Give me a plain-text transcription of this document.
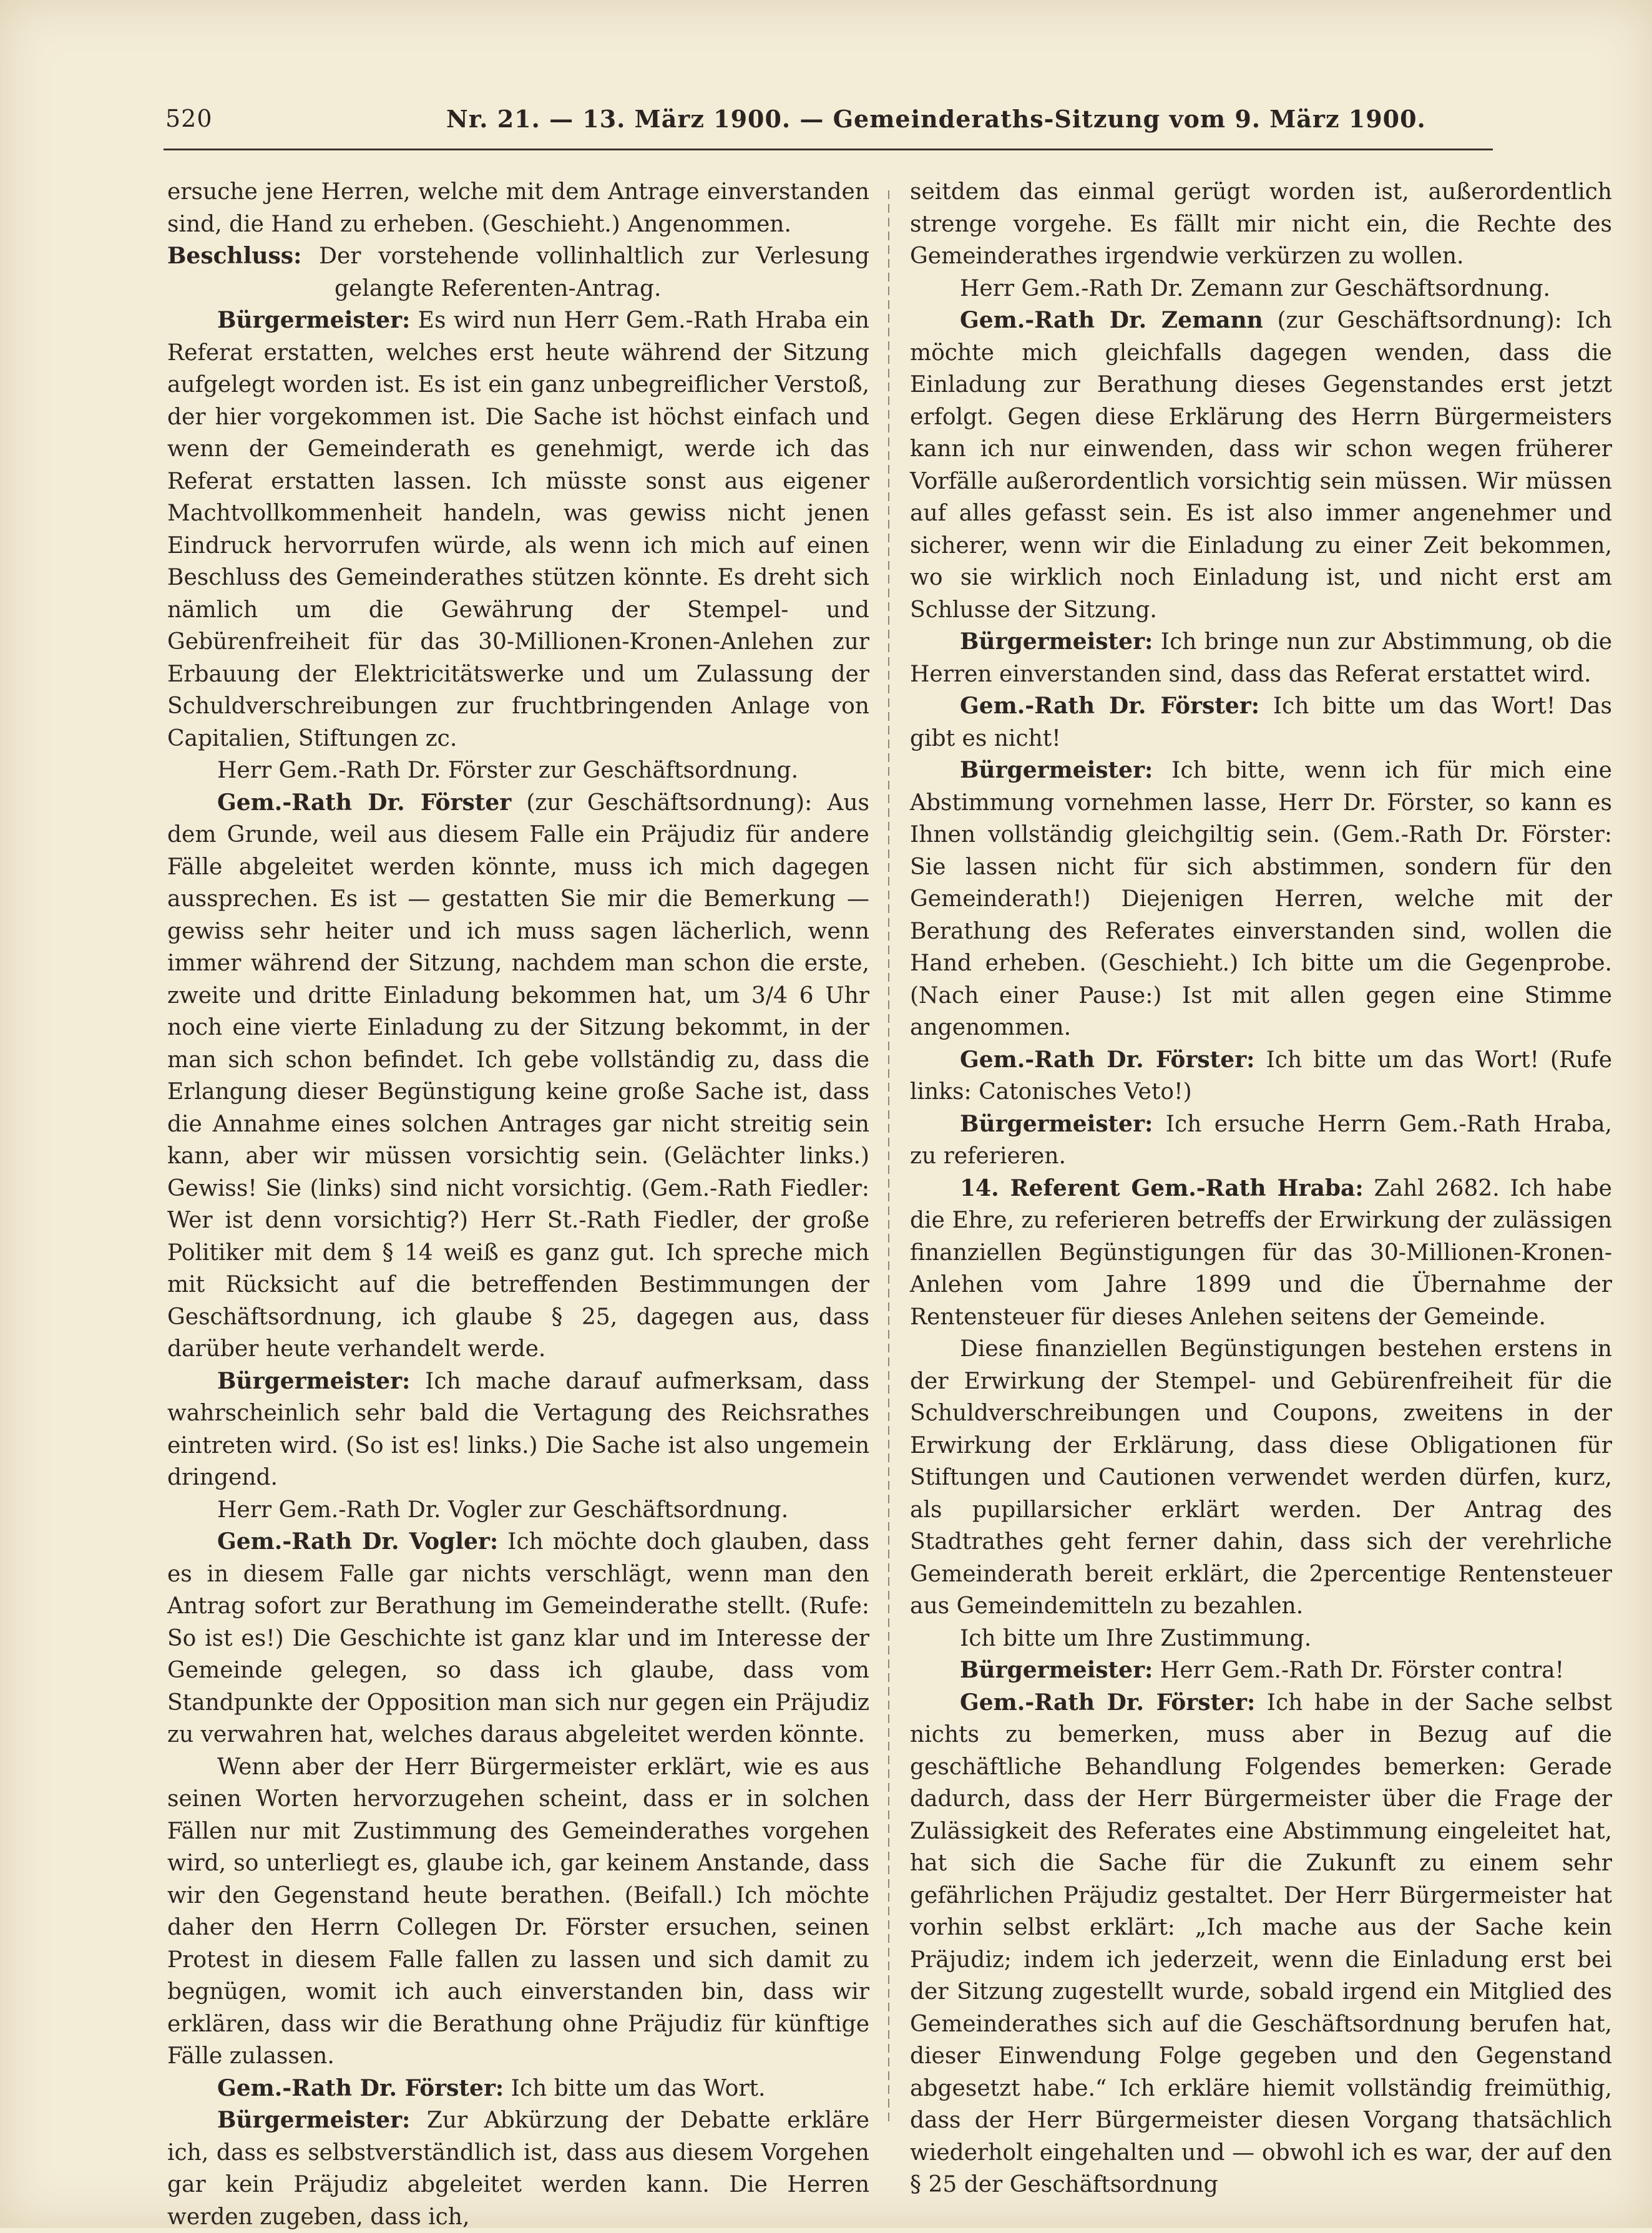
520	Nr. 21. — 13. März 1900. — Gemeinderaths-Sitzung vom 9. März 1900.

ersuche jene Herren, welche mit dem Antrage einverstanden sind, die Hand zu erheben. (Geschieht.) Angenommen.

Beschluss: Der vorstehende vollinhaltlich zur Verlesung gelangte Referenten-Antrag.

Bürgermeister: Es wird nun Herr Gem.-Rath Hraba ein Referat erstatten, welches erst heute während der Sitzung aufgelegt worden ist. Es ist ein ganz unbegreiflicher Verstoß, der hier vorgekommen ist. Die Sache ist höchst einfach und wenn der Gemeinderath es genehmigt, werde ich das Referat erstatten lassen. Ich müsste sonst aus eigener Machtvollkommenheit handeln, was gewiss nicht jenen Eindruck hervorrufen würde, als wenn ich mich auf einen Beschluss des Gemeinderathes stützen könnte. Es dreht sich nämlich um die Gewährung der Stempel- und Gebürenfreiheit für das 30-Millionen-Kronen-Anlehen zur Erbauung der Elektricitätswerke und um Zulassung der Schuldverschreibungen zur fruchtbringenden Anlage von Capitalien, Stiftungen zc.

Herr Gem.-Rath Dr. Förster zur Geschäftsordnung.

Gem.-Rath Dr. Förster (zur Geschäftsordnung): Aus dem Grunde, weil aus diesem Falle ein Präjudiz für andere Fälle abgeleitet werden könnte, muss ich mich dagegen aussprechen. Es ist — gestatten Sie mir die Bemerkung — gewiss sehr heiter und ich muss sagen lächerlich, wenn immer während der Sitzung, nachdem man schon die erste, zweite und dritte Einladung bekommen hat, um 3/4 6 Uhr noch eine vierte Einladung zu der Sitzung bekommt, in der man sich schon befindet. Ich gebe vollständig zu, dass die Erlangung dieser Begünstigung keine große Sache ist, dass die Annahme eines solchen Antrages gar nicht streitig sein kann, aber wir müssen vorsichtig sein. (Gelächter links.) Gewiss! Sie (links) sind nicht vorsichtig. (Gem.-Rath Fiedler: Wer ist denn vorsichtig?) Herr St.-Rath Fiedler, der große Politiker mit dem § 14 weiß es ganz gut. Ich spreche mich mit Rücksicht auf die betreffenden Bestimmungen der Geschäftsordnung, ich glaube § 25, dagegen aus, dass darüber heute verhandelt werde.

Bürgermeister: Ich mache darauf aufmerksam, dass wahrscheinlich sehr bald die Vertagung des Reichsrathes eintreten wird. (So ist es! links.) Die Sache ist also ungemein dringend.

Herr Gem.-Rath Dr. Vogler zur Geschäftsordnung.

Gem.-Rath Dr. Vogler: Ich möchte doch glauben, dass es in diesem Falle gar nichts verschlägt, wenn man den Antrag sofort zur Berathung im Gemeinderathe stellt. (Rufe: So ist es!) Die Geschichte ist ganz klar und im Interesse der Gemeinde gelegen, so dass ich glaube, dass vom Standpunkte der Opposition man sich nur gegen ein Präjudiz zu verwahren hat, welches daraus abgeleitet werden könnte.

Wenn aber der Herr Bürgermeister erklärt, wie es aus seinen Worten hervorzugehen scheint, dass er in solchen Fällen nur mit Zustimmung des Gemeinderathes vorgehen wird, so unterliegt es, glaube ich, gar keinem Anstande, dass wir den Gegenstand heute berathen. (Beifall.) Ich möchte daher den Herrn Collegen Dr. Förster ersuchen, seinen Protest in diesem Falle fallen zu lassen und sich damit zu begnügen, womit ich auch einverstanden bin, dass wir erklären, dass wir die Berathung ohne Präjudiz für künftige Fälle zulassen.

Gem.-Rath Dr. Förster: Ich bitte um das Wort.

Bürgermeister: Zur Abkürzung der Debatte erkläre ich, dass es selbstverständlich ist, dass aus diesem Vorgehen gar kein Präjudiz abgeleitet werden kann. Die Herren werden zugeben, dass ich,

seitdem das einmal gerügt worden ist, außerordentlich strenge vorgehe. Es fällt mir nicht ein, die Rechte des Gemeinderathes irgendwie verkürzen zu wollen.

Herr Gem.-Rath Dr. Zemann zur Geschäftsordnung.

Gem.-Rath Dr. Zemann (zur Geschäftsordnung): Ich möchte mich gleichfalls dagegen wenden, dass die Einladung zur Berathung dieses Gegenstandes erst jetzt erfolgt. Gegen diese Erklärung des Herrn Bürgermeisters kann ich nur einwenden, dass wir schon wegen früherer Vorfälle außerordentlich vorsichtig sein müssen. Wir müssen auf alles gefasst sein. Es ist also immer angenehmer und sicherer, wenn wir die Einladung zu einer Zeit bekommen, wo sie wirklich noch Einladung ist, und nicht erst am Schlusse der Sitzung.

Bürgermeister: Ich bringe nun zur Abstimmung, ob die Herren einverstanden sind, dass das Referat erstattet wird.

Gem.-Rath Dr. Förster: Ich bitte um das Wort! Das gibt es nicht!

Bürgermeister: Ich bitte, wenn ich für mich eine Abstimmung vornehmen lasse, Herr Dr. Förster, so kann es Ihnen vollständig gleichgiltig sein. (Gem.-Rath Dr. Förster: Sie lassen nicht für sich abstimmen, sondern für den Gemeinderath!) Diejenigen Herren, welche mit der Berathung des Referates einverstanden sind, wollen die Hand erheben. (Geschieht.) Ich bitte um die Gegenprobe. (Nach einer Pause:) Ist mit allen gegen eine Stimme angenommen.

Gem.-Rath Dr. Förster: Ich bitte um das Wort! (Rufe links: Catonisches Veto!)

Bürgermeister: Ich ersuche Herrn Gem.-Rath Hraba, zu referieren.

14. Referent Gem.-Rath Hraba: Zahl 2682. Ich habe die Ehre, zu referieren betreffs der Erwirkung der zulässigen finanziellen Begünstigungen für das 30-Millionen-Kronen-Anlehen vom Jahre 1899 und die Übernahme der Rentensteuer für dieses Anlehen seitens der Gemeinde.

Diese finanziellen Begünstigungen bestehen erstens in der Erwirkung der Stempel- und Gebürenfreiheit für die Schuldverschreibungen und Coupons, zweitens in der Erwirkung der Erklärung, dass diese Obligationen für Stiftungen und Cautionen verwendet werden dürfen, kurz, als pupillarsicher erklärt werden. Der Antrag des Stadtrathes geht ferner dahin, dass sich der verehrliche Gemeinderath bereit erklärt, die 2percentige Rentensteuer aus Gemeindemitteln zu bezahlen.

Ich bitte um Ihre Zustimmung.

Bürgermeister: Herr Gem.-Rath Dr. Förster contra!

Gem.-Rath Dr. Förster: Ich habe in der Sache selbst nichts zu bemerken, muss aber in Bezug auf die geschäftliche Behandlung Folgendes bemerken: Gerade dadurch, dass der Herr Bürgermeister über die Frage der Zulässigkeit des Referates eine Abstimmung eingeleitet hat, hat sich die Sache für die Zukunft zu einem sehr gefährlichen Präjudiz gestaltet. Der Herr Bürgermeister hat vorhin selbst erklärt: „Ich mache aus der Sache kein Präjudiz; indem ich jederzeit, wenn die Einladung erst bei der Sitzung zugestellt wurde, sobald irgend ein Mitglied des Gemeinderathes sich auf die Geschäftsordnung berufen hat, dieser Einwendung Folge gegeben und den Gegenstand abgesetzt habe.“ Ich erkläre hiemit vollständig freimüthig, dass der Herr Bürgermeister diesen Vorgang thatsächlich wiederholt eingehalten und — obwohl ich es war, der auf den § 25 der Geschäftsordnung
